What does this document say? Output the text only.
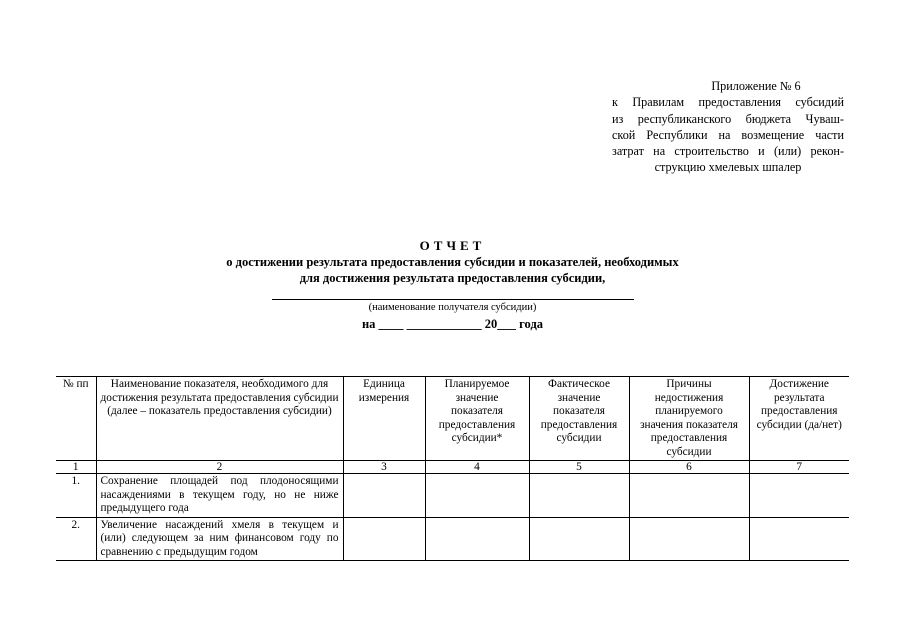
Приложение № 6
к Правилам предоставления субсидий
из республиканского бюджета Чуваш-
ской Республики на возмещение части
затрат на строительство и (или) рекон-
струкцию хмелевых шпалер
ОТЧЕТ
о достижении результата предоставления субсидии и показателей, необходимых
для достижения результата предоставления субсидии,
(наименование получателя субсидии)
на ____ ____________ 20___ года
№ пп	Наименование показателя, необходимого для достижения результата предоставления субсидии (далее – показатель предоставления субсидии)	Единица измерения	Планируемое значение показателя предоставления субсидии*	Фактическое значение показателя предоставления субсидии	Причины недостижения планируемого значения показателя предоставления субсидии	Достижение результата предоставления субсидии (да/нет)
1	2	3	4	5	6	7
1.	Сохранение площадей под плодоносящими насаждениями в текущем году, но не ниже предыдущего года					
2.	Увеличение насаждений хмеля в текущем и (или) следующем за ним финансовом году по сравнению с предыдущим годом					
